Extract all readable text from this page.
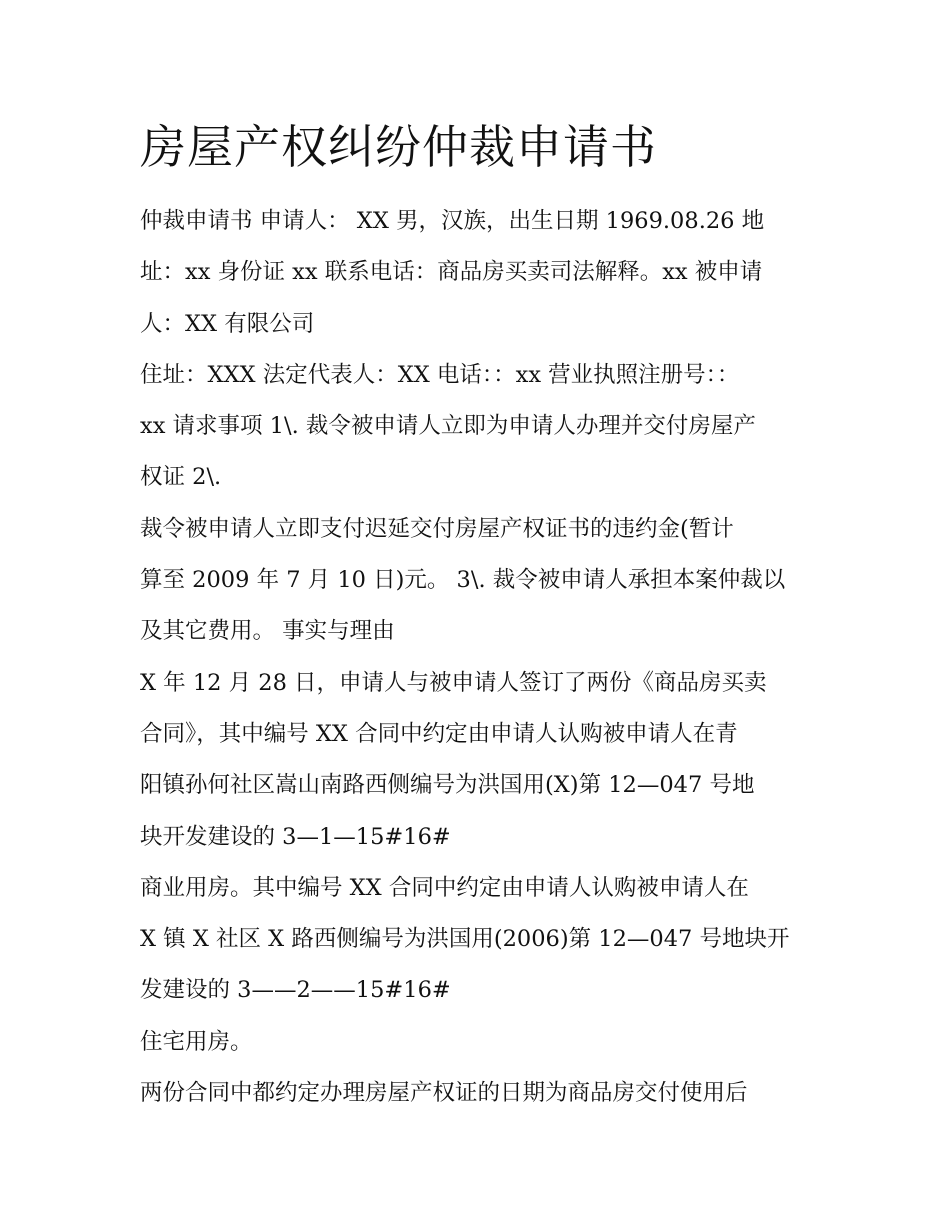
房屋产权纠纷仲裁申请书

仲裁申请书 申请人： XX 男，汉族，出生日期 1969.08.26 地
址：xx 身份证 xx 联系电话：商品房买卖司法解释。xx 被申请
人：XX 有限公司

住址：XXX 法定代表人：XX 电话：：xx 营业执照注册号：：
xx 请求事项 1\. 裁令被申请人立即为申请人办理并交付房屋产
权证 2\.

裁令被申请人立即支付迟延交付房屋产权证书的违约金(暂计
算至 2009 年 7 月 10 日)元。 3\. 裁令被申请人承担本案仲裁以
及其它费用。 事实与理由

X 年 12 月 28 日，申请人与被申请人签订了两份《商品房买卖
合同》，其中编号 XX 合同中约定由申请人认购被申请人在青
阳镇孙何社区嵩山南路西侧编号为洪国用(X)第 12—047 号地
块开发建设的 3—1—15#16#

商业用房。其中编号 XX 合同中约定由申请人认购被申请人在
X 镇 X 社区 X 路西侧编号为洪国用(2006)第 12—047 号地块开
发建设的 3——2——15#16#

住宅用房。

两份合同中都约定办理房屋产权证的日期为商品房交付使用后
